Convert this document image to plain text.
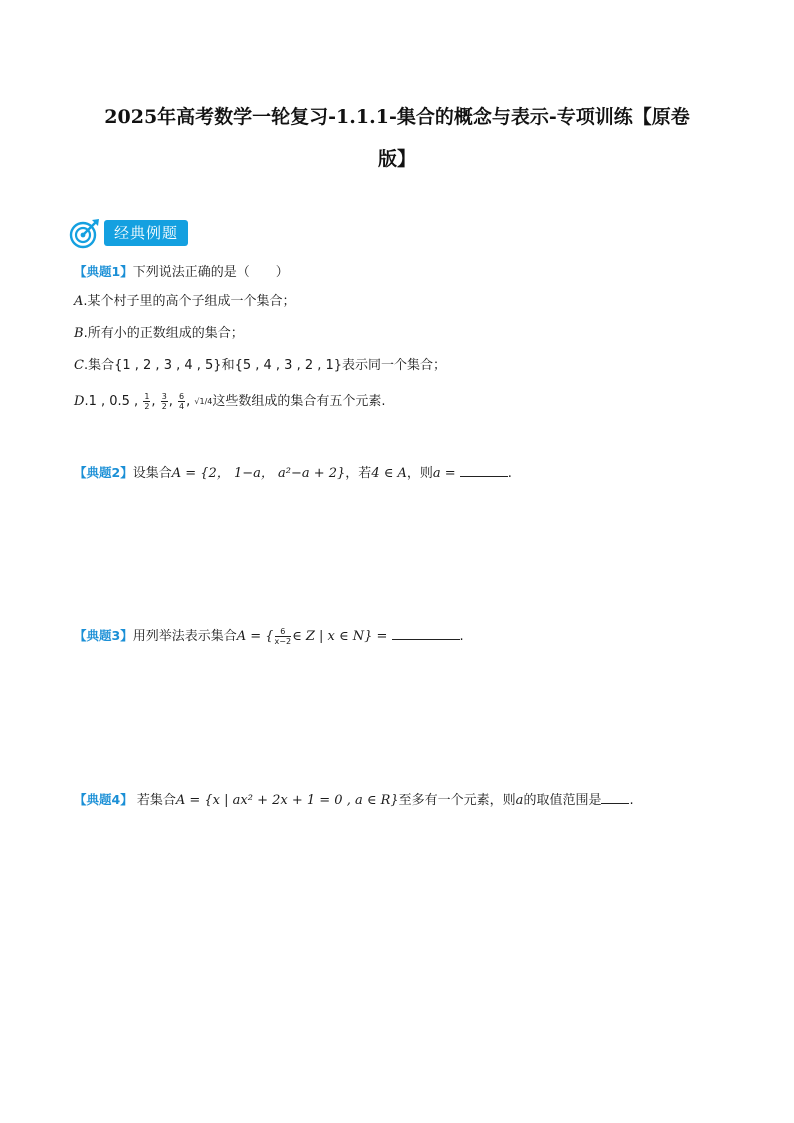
2025年高考数学一轮复习-1.1.1-集合的概念与表示-专项训练【原卷
版】
经典例题
【典题1】下列说法正确的是（　　）
A.某个村子里的高个子组成一个集合；
B.所有小的正数组成的集合；
C.集合{1 , 2 , 3 , 4 , 5}和{5 , 4 , 3 , 2 , 1}表示同一个集合；
D.1 , 0.5 , $\frac{1}{2}$ , $\frac{3}{2}$ , $\frac{6}{4}$ , √1/4这些数组成的集合有五个元素.
【典题2】设集合A = {2， 1−a， a²−a + 2}，若4 ∈ A，则a =	.
【典题3】用列举法表示集合A = { $\frac{6}{x-2}$ ∈ Z | x ∈ N} =	.
【典题4】 若集合A = {x | ax² + 2x + 1 = 0 , a ∈ R}至多有一个元素，则a的取值范围是 .
